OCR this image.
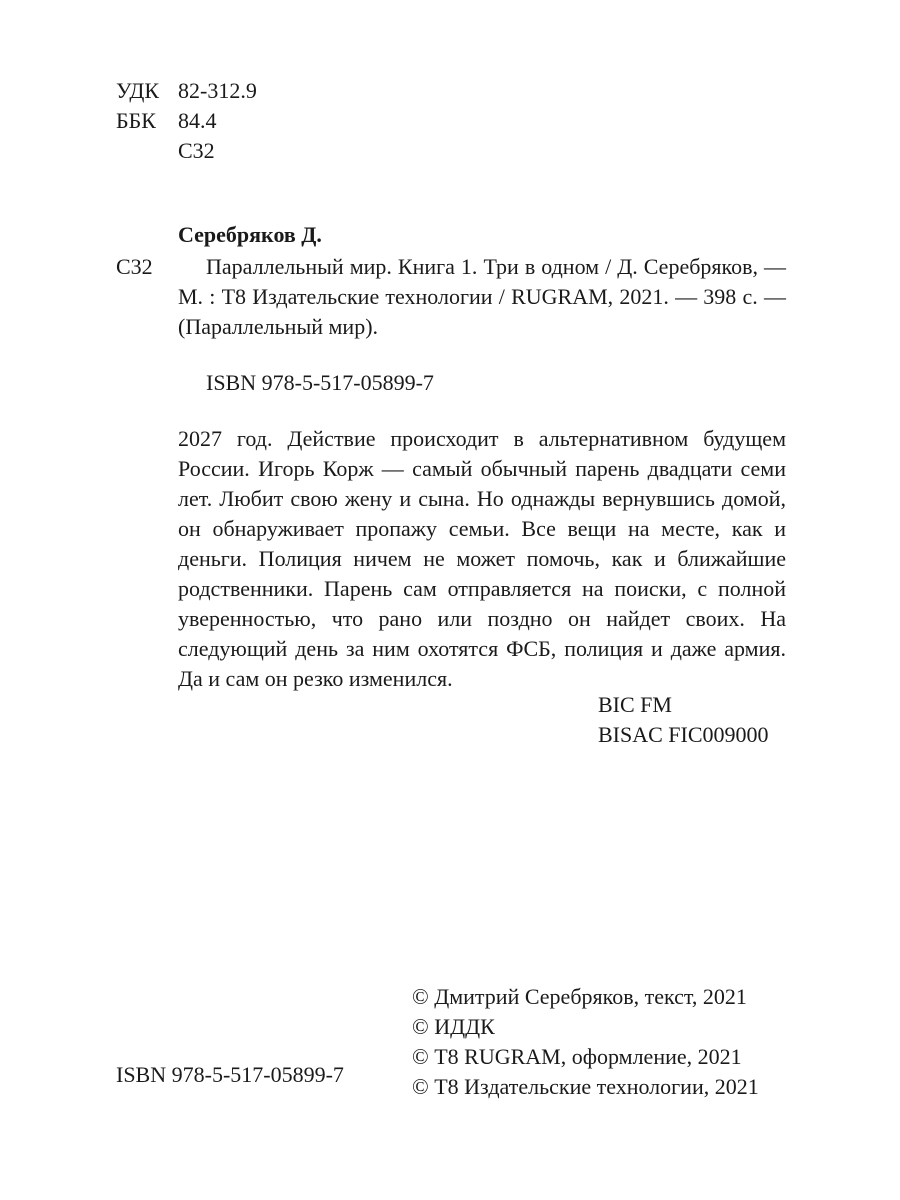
УДК 82-312.9
ББК 84.4
С32
Серебряков Д.
С32	Параллельный мир. Книга 1. Три в одном / Д. Серебряков, — М. : Т8 Издательские технологии / RUGRAM, 2021. — 398 с. — (Параллельный мир).
ISBN 978-5-517-05899-7
2027 год. Действие происходит в альтернативном будущем России. Игорь Корж — самый обычный парень двадцати семи лет. Любит свою жену и сына. Но однажды вернувшись домой, он обнаруживает пропажу семьи. Все вещи на месте, как и деньги. Полиция ничем не может помочь, как и ближайшие родственники. Парень сам отправляется на поиски, с полной уверенностью, что рано или поздно он найдет своих. На следующий день за ним охотятся ФСБ, полиция и даже армия. Да и сам он резко изменился.
BIC FM
BISAC FIC009000
© Дмитрий Серебряков, текст, 2021
© ИДДК
© Т8 RUGRAM, оформление, 2021
© Т8 Издательские технологии, 2021
ISBN 978-5-517-05899-7
